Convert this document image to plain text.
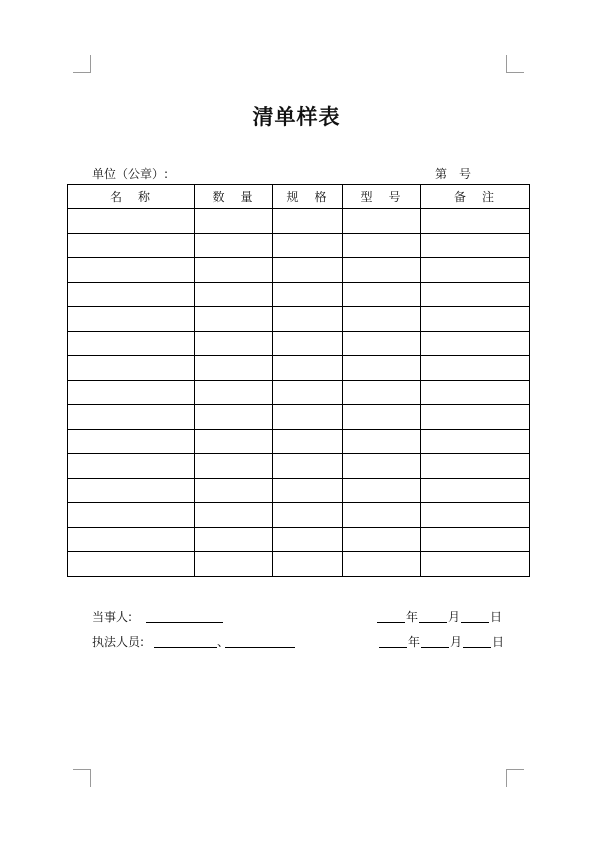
清单样表
单位（公章）:	第　号
名　称	数　量	规　格	型　号	备　注

当事人:	年 月 日
执法人员:	、	年 月 日
